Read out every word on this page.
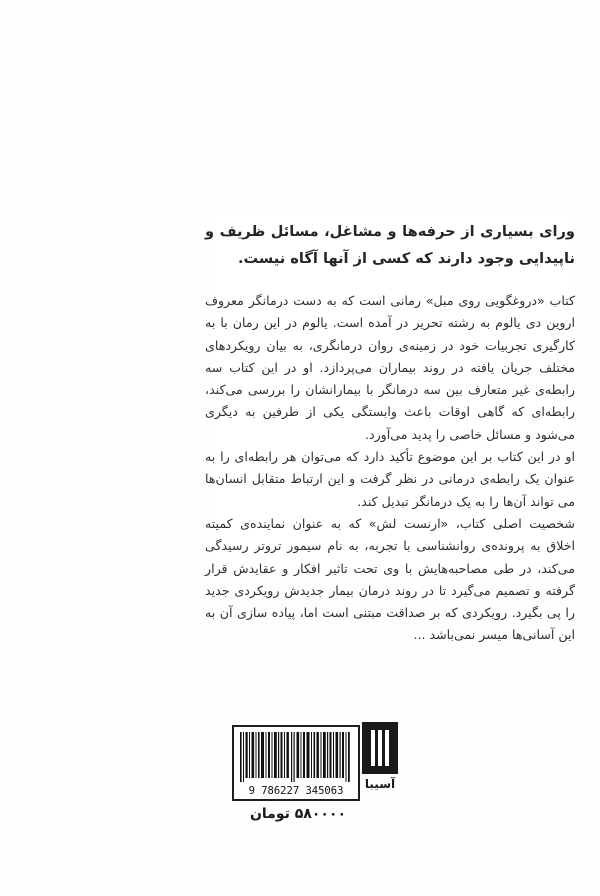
ورای بسیاری از حرفه‌ها و مشاغل، مسائل ظریف و ناپیدایی وجود دارند که کسی از آنها آگاه نیست.

کتاب «دروغگویی روی مبل» رمانی است که به دست درمانگر معروف اروین دی یالوم به رشته تحریر در آمده است. یالوم در این رمان با به کارگیری تجربیات خود در زمینه‌ی روان درمانگری، به بیان رویکردهای مختلف جریان یافته در روند بیماران می‌پردازد. او در این کتاب سه رابطه‌ی غیر متعارف بین سه درمانگر با بیمارانشان را بررسی می‌کند، رابطه‌ای که گاهی اوقات باعث وابستگی یکی از طرفین به دیگری می‌شود و مسائل خاصی را پدید می‌آورد.

او در این کتاب بر این موضوع تأکید دارد که می‌توان هر رابطه‌ای را به عنوان یک رابطه‌ی درمانی در نظر گرفت و این ارتباط متقابل انسان‌ها می تواند آن‌ها را به یک درمانگر تبدیل کند.

شخصیت اصلی کتاب، «ارنست لش» که به عنوان نماینده‌ی کمیته اخلاق به پرونده‌ی روانشناسی با تجربه، به نام سیمور تروتر رسیدگی می‌کند، در طی مصاحبه‌هایش با وی تحت تاثیر افکار و عقایدش قرار گرفته و تصمیم می‌گیرد تا در روند درمان بیمار جدیدش رویکردی جدید را پی بگیرد. رویکردی که بر صداقت مبتنی است اما، پیاده سازی آن به این آسانی‌ها میسر نمی‌باشد ...

9 786227 345063	آسیبا
۵۸۰۰۰۰ تومان
